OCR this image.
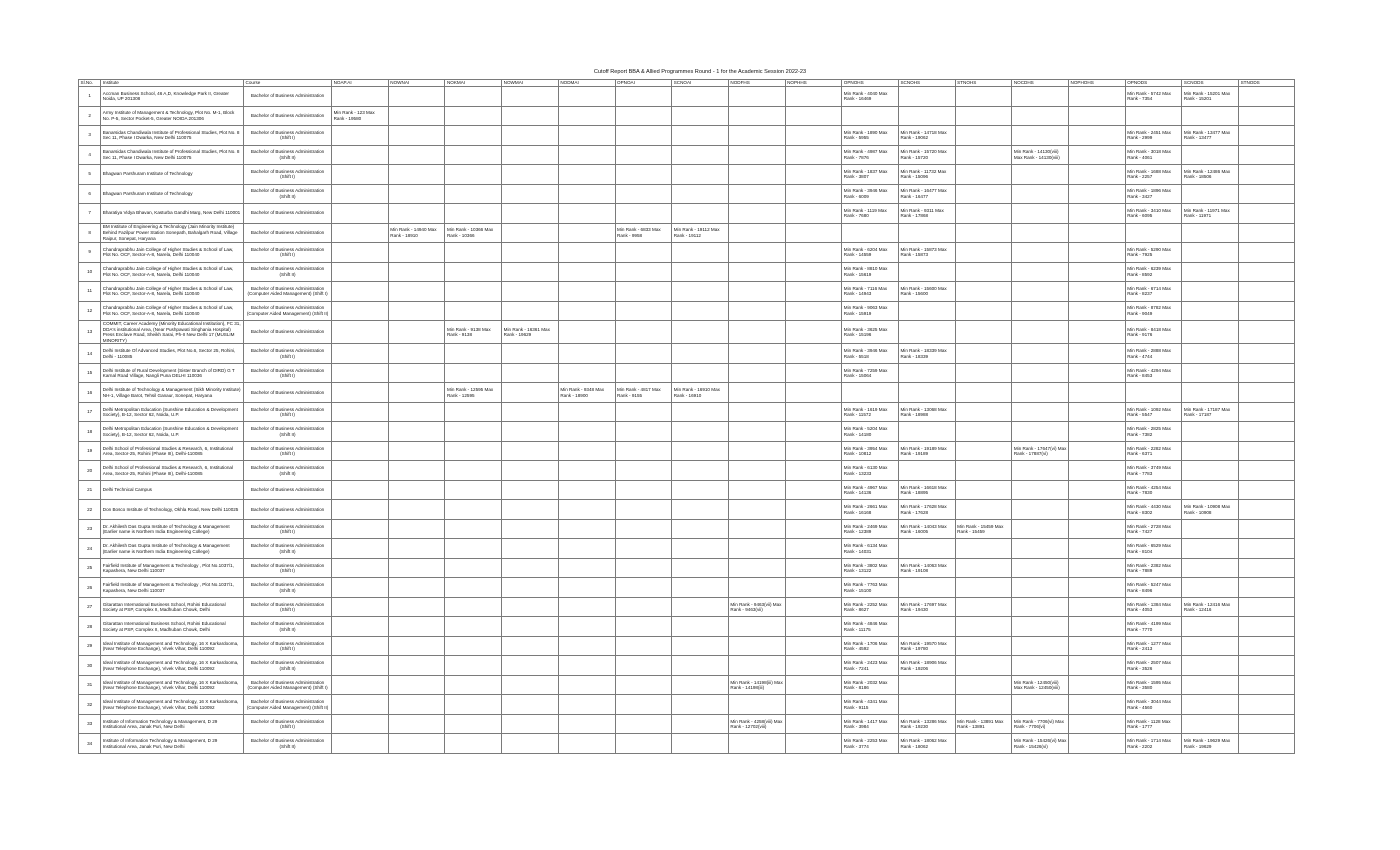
Cutoff Report BBA & Allied Programmes Round - 1 for the Academic Session 2022-23
Sl.No.	Institute	Course	NOAP.AI	NOWNAI	NOKMAI	NOWMAI	NODMAI	OPNOAI	SCNOAI	NODFHS	NOPHHS	OPNOHS	SCNOHS	STNOHS	NOCDHS	NOPHOHS	OPNODS	SCNODS	STNODS
1	Accman Business School, 46 A,D, Knowledge Park II, Greater Noida, UP 201308	Bachelor of Business Administration										Min Rank - 4040 Max Rank - 16469					Min Rank - 5742 Max Rank - 7354	Min Rank - 15201 Max Rank - 15201	
2	Army Institute of Management & Technology, Plot No. M-1, Block No. P-5, Sector Pocket-5, Greater NOIDA 201306	Bachelor of Business Administration	Min Rank - 123 Max Rank - 19580																
3	Banarsidas Chandiwala Institute of Professional Studies, Plot No. 8 Sec 11, Phase I Dwarka, New Delhi 110075	Bachelor of Business Administration (Shift I)										Min Rank - 1890 Max Rank - 5955	Min Rank - 14718 Max Rank - 19062				Min Rank - 2451 Max Rank - 2999	Min Rank - 13477 Max Rank - 13477	
4	Banarsidas Chandiwala Institute of Professional Studies, Plot No. 8 Sec 11, Phase I Dwarka, New Delhi 110075	Bachelor of Business Administration (Shift II)										Min Rank - 4987 Max Rank - 7876	Min Rank - 15720 Max Rank - 15720		Min Rank - 14130(viii) Max Rank - 14130(viii)		Min Rank - 3018 Max Rank - 4061		
5	Bhagwan Parshuram Institute of Technology	Bachelor of Business Administration (Shift I)										Min Rank - 1837 Max Rank - 3807	Min Rank - 11732 Max Rank - 15096				Min Rank - 1688 Max Rank - 2257	Min Rank - 12486 Max Rank - 18506	
6	Bhagwan Parshuram Institute of Technology	Bachelor of Business Administration (Shift II)										Min Rank - 3946 Max Rank - 6009	Min Rank - 16477 Max Rank - 16477				Min Rank - 1896 Max Rank - 3427		
7	Bharatiya Vidya Bhavan, Kasturba Gandhi Marg, New Delhi 110001	Bachelor of Business Administration										Min Rank - 1119 Max Rank - 7680	Min Rank - 9311 Max Rank - 17868				Min Rank - 3410 Max Rank - 6095	Min Rank - 11971 Max Rank - 11971	
8	BM Institute of Engineering & Technology (Jain Minority Institute) Behind Fazilpur Power Station Sonepath, Bahalgarh Road, Village Raipur, Sonepat, Haryana	Bachelor of Business Administration		Min Rank - 14940 Max Rank - 18910	Min Rank - 10366 Max Rank - 10366			Min Rank - 6833 Max Rank - 9958	Min Rank - 19112 Max Rank - 19112										
9	Chandraprabhu Jain College of Higher Studies & School of Law, Plot No. OCF, Sector-A-8, Narela, Delhi 110040	Bachelor of Business Administration (Shift I)										Min Rank - 6204 Max Rank - 14559	Min Rank - 15873 Max Rank - 15873				Min Rank - 5290 Max Rank - 7925		
10	Chandraprabhu Jain College of Higher Studies & School of Law, Plot No. OCF, Sector-A-8, Narela, Delhi 110040	Bachelor of Business Administration (Shift II)										Min Rank - 8810 Max Rank - 15619					Min Rank - 6239 Max Rank - 8592		
11	Chandraprabhu Jain College of Higher Studies & School of Law, Plot No. OCF, Sector-A-8, Narela, Delhi 110040	Bachelor of Business Administration (Computer Aided Management) (Shift I)										Min Rank - 7116 Max Rank - 14943	Min Rank - 15600 Max Rank - 15600				Min Rank - 6714 Max Rank - 8237		
12	Chandraprabhu Jain College of Higher Studies & School of Law, Plot No. OCF, Sector-A-8, Narela, Delhi 110040	Bachelor of Business Administration (Computer Aided Management) (Shift II)										Min Rank - 9063 Max Rank - 15919					Min Rank - 8782 Max Rank - 9049		
13	COMMIT, Career Academy (Minority Educational Institution), FC 31, DDA's institutional Area, (Near Pushpawati Singhania Hospital) Press Enclave Road, Sheikh Sarai, Ph-II New Delhi 17 (MUSLIM MINORITY)	Bachelor of Business Administration			Min Rank - 9138 Max Rank - 9138	Min Rank - 16361 Max Rank - 19629						Min Rank - 3625 Max Rank - 15196					Min Rank - 8418 Max Rank - 9176		
14	Delhi Institute Of Advanced Studies, Plot No.6, Sector 25, Rohini, Delhi - 110085	Bachelor of Business Administration (Shift I)										Min Rank - 3946 Max Rank - 5518	Min Rank - 18339 Max Rank - 18339				Min Rank - 2888 Max Rank - 4744		
15	Delhi Institute of Rural Development (Sister Branch of DIRD) G T Karnal Road Village, Nangli Puna DELHI 110036	Bachelor of Business Administration (Shift I)										Min Rank - 7259 Max Rank - 15064					Min Rank - 4294 Max Rank - 8453		
16	Delhi Institute of Technology & Management (Sikh Minority Institute) NH-1, Village Barot, Tehsil Ganaur, Sonepat, Haryana	Bachelor of Business Administration			Min Rank - 12595 Max Rank - 12595		Min Rank - 9348 Max Rank - 18900	Min Rank - 4817 Max Rank - 9155	Min Rank - 16910 Max Rank - 16910										
17	Delhi Metropolitan Education (Sunshine Education & Development Society), B-12, Sector 62, Noida, U.P.	Bachelor of Business Administration (Shift I)										Min Rank - 1619 Max Rank - 11572	Min Rank - 13068 Max Rank - 18988				Min Rank - 1092 Max Rank - 5547	Min Rank - 17187 Max Rank - 17187	
18	Delhi Metropolitan Education (Sunshine Education & Development Society), B-12, Sector 62, Noida, U.P.	Bachelor of Business Administration (Shift II)										Min Rank - 5204 Max Rank - 14180					Min Rank - 2825 Max Rank - 7382		
19	Delhi School of Professional Studies & Research, 6, Institutional Area, Sector-25, Rohini (Phase III), Delhi-110085	Bachelor of Business Administration (Shift I)										Min Rank - 3954 Max Rank - 10812	Min Rank - 19189 Max Rank - 19189		Min Rank - 17647(vi) Max Rank - 17887(vi)		Min Rank - 2282 Max Rank - 6371		
20	Delhi School of Professional Studies & Research, 6, Institutional Area, Sector-25, Rohini (Phase III), Delhi-110085	Bachelor of Business Administration (Shift II)										Min Rank - 6130 Max Rank - 13233					Min Rank - 3749 Max Rank - 7783		
21	Delhi Technical Campus	Bachelor of Business Administration										Min Rank - 4967 Max Rank - 14136	Min Rank - 16618 Max Rank - 18895				Min Rank - 4254 Max Rank - 7830		
22	Don Bosco Institute of Technology, Okhla Road, New Delhi 110025	Bachelor of Business Administration										Min Rank - 2661 Max Rank - 16168	Min Rank - 17628 Max Rank - 17628				Min Rank - 4430 Max Rank - 8302	Min Rank - 10908 Max Rank - 10908	
23	Dr. Akhilesh Das Gupta Institute of Technology & Management (Earlier name is Northern India Engineering College)	Bachelor of Business Administration (Shift I)										Min Rank - 2469 Max Rank - 12389	Min Rank - 14043 Max Rank - 16005	Min Rank - 15459 Max Rank - 15459			Min Rank - 2728 Max Rank - 7427		
24	Dr. Akhilesh Das Gupta Institute of Technology & Management (Earlier name is Northern India Engineering College)	Bachelor of Business Administration (Shift II)										Min Rank - 6134 Max Rank - 14031					Min Rank - 6529 Max Rank - 8104		
25	Fairfield Institute of Management & Technology , Plot No.1037/1, Kapashera, New Delhi 110037	Bachelor of Business Administration (Shift I)										Min Rank - 3802 Max Rank - 13122	Min Rank - 14063 Max Rank - 19108				Min Rank - 2382 Max Rank - 7889		
26	Fairfield Institute of Management & Technology , Plot No.1037/1, Kapashera, New Delhi 110037	Bachelor of Business Administration (Shift II)										Min Rank - 7763 Max Rank - 15100					Min Rank - 5247 Max Rank - 8496		
27	Gitarattan International Business School, Rohini Educational Society at PSP, Complex II, Madhuban Chowk, Delhi	Bachelor of Business Administration (Shift I)								Min Rank - 9463(vii) Max Rank - 9463(vii)		Min Rank - 2252 Max Rank - 8627	Min Rank - 17697 Max Rank - 19430				Min Rank - 1384 Max Rank - 4053	Min Rank - 12416 Max Rank - 12416	
28	Gitarattan International Business School, Rohini Educational Society at PSP, Complex II, Madhuban Chowk, Delhi	Bachelor of Business Administration (Shift II)										Min Rank - 4846 Max Rank - 11175					Min Rank - 4199 Max Rank - 7770		
29	Ideal Institute of Management and Technology, 16 X Karkardooma, (Near Telephone Exchange), Vivek Vihar, Delhi 110092	Bachelor of Business Administration (Shift I)										Min Rank - 1706 Max Rank - 4592	Min Rank - 19570 Max Rank - 19780				Min Rank - 1277 Max Rank - 2413		
30	Ideal Institute of Management and Technology, 16 X Karkardooma, (Near Telephone Exchange), Vivek Vihar, Delhi 110092	Bachelor of Business Administration (Shift II)										Min Rank - 2423 Max Rank - 7241	Min Rank - 18906 Max Rank - 19206				Min Rank - 2507 Max Rank - 3526		
31	Ideal Institute of Management and Technology, 16 X Karkardooma, (Near Telephone Exchange), Vivek Vihar, Delhi 110092	Bachelor of Business Administration (Computer Aided Management) (Shift I)								Min Rank - 14198(iii) Max Rank - 14198(iii)		Min Rank - 2032 Max Rank - 8186			Min Rank - 12450(viii) Max Rank - 12450(viii)		Min Rank - 1595 Max Rank - 3580		
32	Ideal Institute of Management and Technology, 16 X Karkardooma, (Near Telephone Exchange), Vivek Vihar, Delhi 110092	Bachelor of Business Administration (Computer Aided Management) (Shift II)										Min Rank - 4341 Max Rank - 9115					Min Rank - 3044 Max Rank - 4560		
33	Institute of Information Technology & Management, D 29 Institutional Area, Janak Puri, New Delhi	Bachelor of Business Administration (Shift I)								Min Rank - 4258(viii) Max Rank - 12702(viii)		Min Rank - 1417 Max Rank - 3984	Min Rank - 13286 Max Rank - 19230	Min Rank - 13891 Max Rank - 13891	Min Rank - 7706(vi) Max Rank - 7706(vi)		Min Rank - 1128 Max Rank - 1777		
34	Institute of Information Technology & Management, D 29 Institutional Area, Janak Puri, New Delhi	Bachelor of Business Administration (Shift II)										Min Rank - 2253 Max Rank - 3774	Min Rank - 18062 Max Rank - 18062		Min Rank - 15426(vi) Max Rank - 15426(vi)		Min Rank - 1714 Max Rank - 2202	Min Rank - 19629 Max Rank - 19629	
